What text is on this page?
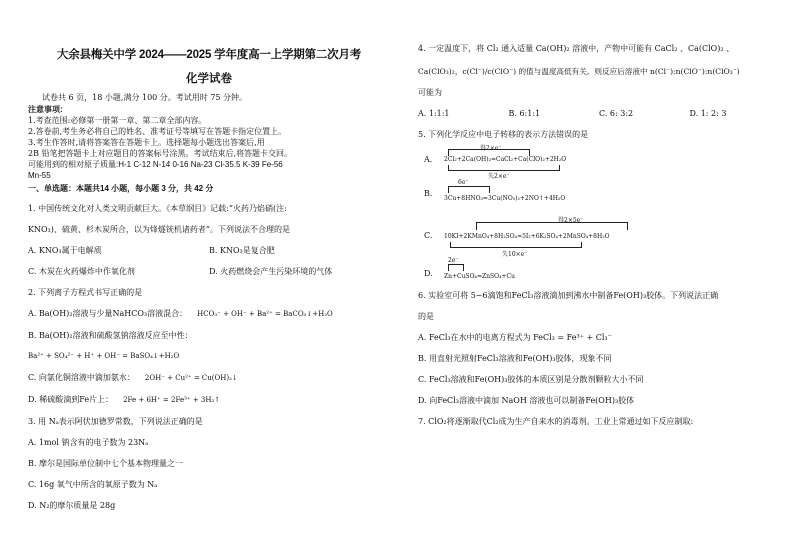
大余县梅关中学 2024——2025 学年度高一上学期第二次月考
化学试卷

试卷共 6 页，18 小题,满分 100 分。考试用时 75 分钟。

注意事项:

1.考查范围:必修第一册第一章、第二章全部内容。

2.答卷前,考生务必将自己的姓名、准考证号等填写在答题卡指定位置上。

3.考生作答时,请将答案答在答题卡上。选择题每小题选出答案后,用

2B 铅笔把答题卡上对应题目的答案标号涂黑。考试结束后,将答题卡交回。

可能用到的相对原子质量:H-1 C-12 N-14 0-16 Na-23 Cl-35.5 K-39 Fe-56

Mn-55

一、单选题：本题共14 小题，每小题 3 分，共 42 分

1. 中国传统文化对人类文明贡献巨大。《本草纲目》记载:“火药乃焰硝(注:

KNO₃)、硫黄、杉木炭所合，以为烽燧铳机诸药者”。下列说法不合理的是

A. KNO₃属于电解质	B. KNO₃是复合肥
C. 木炭在火药爆炸中作氧化剂	D. 火药燃烧会产生污染环境的气体

2. 下列离子方程式书写正确的是

A. Ba(OH)₂溶液与少量NaHCO₃溶液混合： HCO₃⁻ + OH⁻ + Ba²⁺ = BaCO₃↓+H₂O

B. Ba(OH)₂溶液和硫酸氢钠溶液反应至中性：

Ba²⁺ + SO₄²⁻ + H⁺ + OH⁻ = BaSO₄↓+H₂O

C. 向氯化铜溶液中滴加氨水： 2OH⁻ + Cu²⁺ = Cu(OH)₂↓

D. 稀硫酸滴到Fe片上： 2Fe + 6H⁺ = 2Fe³⁺ + 3H₂↑

3. 用 Nₐ表示阿伏加德罗常数，下列说法正确的是

A. 1mol 钠含有的电子数为 23Nₐ

B. 摩尔是国际单位制中七个基本物理量之一

C. 16g 氧气中所含的氧原子数为 Nₐ

D. N₂的摩尔质量是 28g

4. 一定温度下，将 Cl₂ 通入适量 Ca(OH)₂ 溶液中，产物中可能有 CaCl₂ 、Ca(ClO)₂ 、

Ca(ClO₃)₂，c(Cl⁻)/c(ClO⁻) 的值与温度高低有关。则反应后溶液中 n(Cl⁻):n(ClO⁻):n(ClO₃⁻)

可能为

A. 1:1:1	B. 6:1:1	C. 6: 3:2	D. 1: 2: 3

5. 下列化学反应中电子转移的表示方法错误的是

A.
得2×e⁻
2Cl₂+2Ca(OH)₂=CaCl₂+Ca(ClO)₂+2H₂O
失2×e⁻
B.
6e⁻
3Cu+8HNO₃=3Cu(NO₃)₂+2NO↑+4H₂O
C.
得2×5e⁻
10KI+2KMnO₄+8H₂SO₄=5I₂+6K₂SO₄+2MnSO₄+8H₂O
失10×e⁻
D.
2e⁻
Zn+CuSO₄=ZnSO₄+Cu

6. 实验室可将 5~6滴饱和FeCl₃溶液滴加到沸水中制备Fe(OH)₃胶体。下列说法正确

的是

A. FeCl₃在水中的电离方程式为 FeCl₃ = Fe³⁺ + Cl₃⁻

B. 用直射光照射FeCl₃溶液和Fe(OH)₃胶体，现象不同

C. FeCl₃溶液和Fe(OH)₃胶体的本质区别是分散剂颗粒大小不同

D. 向FeCl₃溶液中滴加 NaOH 溶液也可以制备Fe(OH)₃胶体

7. ClO₂将逐渐取代Cl₂成为生产自来水的消毒剂。工业上常通过如下反应制取:
